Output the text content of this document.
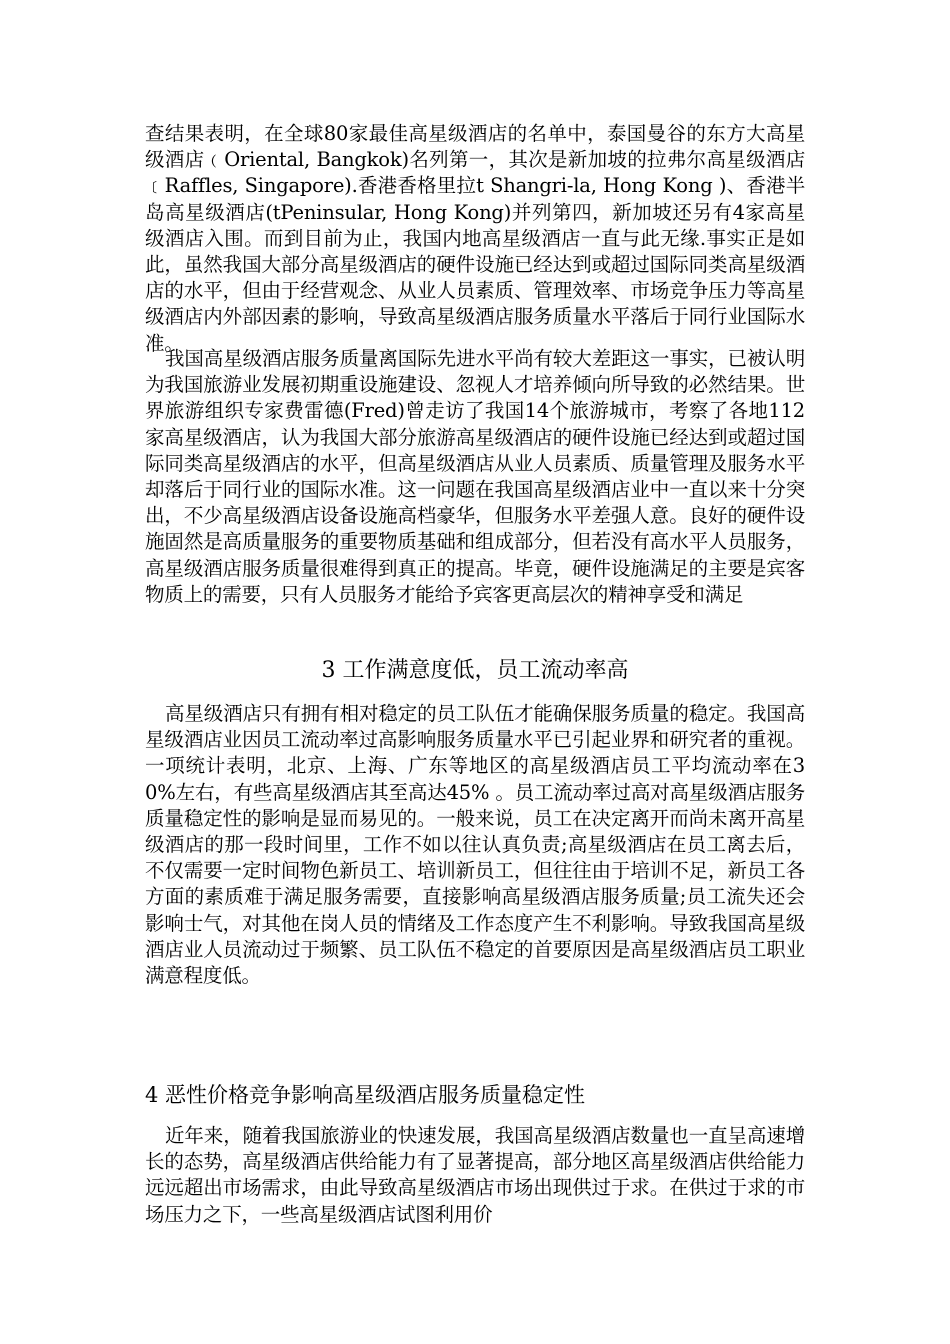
查结果表明，在全球80家最佳高星级酒店的名单中，泰国曼谷的东方大高星级酒店﹙Oriental, Bangkok)名列第一，其次是新加坡的拉弗尔高星级酒店﹝Raffles, Singapore).香港香格里拉t Shangri-la, Hong Kong )、香港半岛高星级酒店(tPeninsular, Hong Kong)并列第四，新加坡还另有4家高星级酒店入围。而到目前为止，我国内地高星级酒店一直与此无缘.事实正是如此，虽然我国大部分高星级酒店的硬件设施已经达到或超过国际同类高星级酒店的水平，但由于经营观念、从业人员素质、管理效率、市场竞争压力等高星级酒店内外部因素的影响，导致高星级酒店服务质量水平落后于同行业国际水准。

我国高星级酒店服务质量离国际先进水平尚有较大差距这一事实，已被认明为我国旅游业发展初期重设施建设、忽视人才培养倾向所导致的必然结果。世界旅游组织专家费雷德(Fred)曾走访了我国14个旅游城市，考察了各地112家高星级酒店，认为我国大部分旅游高星级酒店的硬件设施已经达到或超过国际同类高星级酒店的水平，但高星级酒店从业人员素质、质量管理及服务水平却落后于同行业的国际水准。这一问题在我国高星级酒店业中一直以来十分突出，不少高星级酒店设备设施高档豪华，但服务水平差强人意。良好的硬件设施固然是高质量服务的重要物质基础和组成部分，但若没有高水平人员服务，高星级酒店服务质量很难得到真正的提高。毕竟，硬件设施满足的主要是宾客物质上的需要，只有人员服务才能给予宾客更高层次的精神享受和满足

3 工作满意度低，员工流动率高

高星级酒店只有拥有相对稳定的员工队伍才能确保服务质量的稳定。我国高星级酒店业因员工流动率过高影响服务质量水平已引起业界和研究者的重视。一项统计表明，北京、上海、广东等地区的高星级酒店员工平均流动率在30%左右，有些高星级酒店其至高达45% 。员工流动率过高对高星级酒店服务质量稳定性的影响是显而易见的。一般来说，员工在决定离开而尚未离开高星级酒店的那一段时间里，工作不如以往认真负责;高星级酒店在员工离去后，不仅需要一定时间物色新员工、培训新员工，但往往由于培训不足，新员工各方面的素质难于满足服务需要，直接影响高星级酒店服务质量;员工流失还会影响士气，对其他在岗人员的情绪及工作态度产生不利影响。导致我国高星级酒店业人员流动过于频繁、员工队伍不稳定的首要原因是高星级酒店员工职业满意程度低。

4 恶性价格竞争影响高星级酒店服务质量稳定性

近年来，随着我国旅游业的快速发展，我国高星级酒店数量也一直呈高速增长的态势，高星级酒店供给能力有了显著提高，部分地区高星级酒店供给能力远远超出市场需求，由此导致高星级酒店市场出现供过于求。在供过于求的市场压力之下，一些高星级酒店试图利用价
